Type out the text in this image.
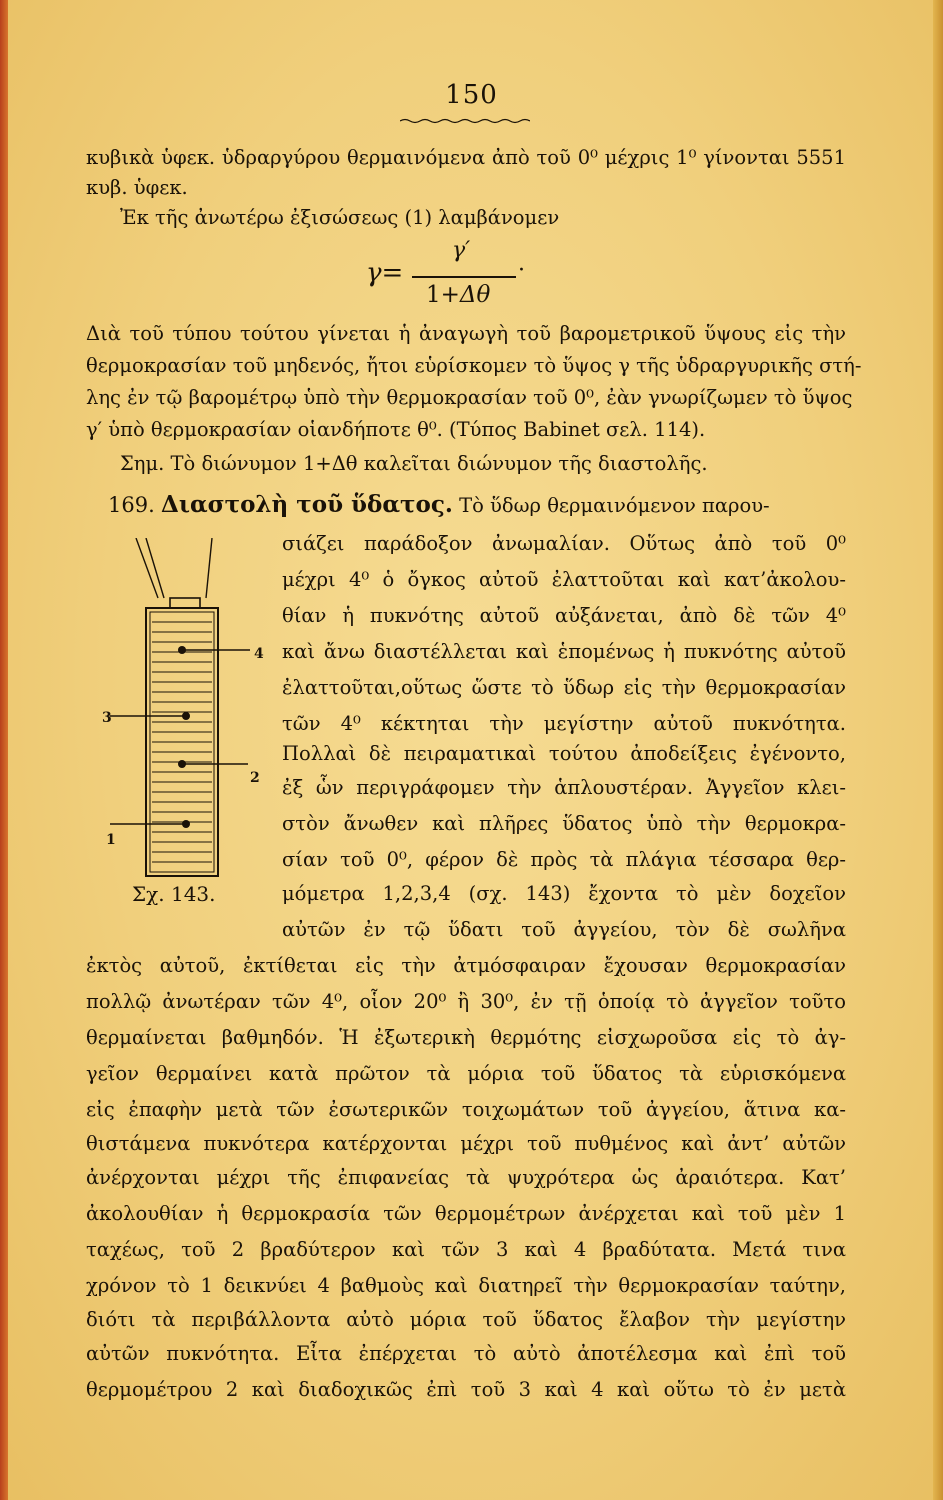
150
κυβικὰ ὑφεκ. ὑδραργύρου θερμαινόμενα ἀπὸ τοῦ 0⁰ μέχρις 1⁰ γίνονται 5551
κυβ. ὑφεκ.
Ἐκ τῆς ἀνωτέρω ἐξισώσεως (1) λαμβάνομεν
γ′
γ=
1+Δθ
·
Διὰ τοῦ τύπου τούτου γίνεται ἡ ἀναγωγὴ τοῦ βαρομετρικοῦ ὕψους εἰς τὴν
θερμοκρασίαν τοῦ μηδενός, ἤτοι εὑρίσκομεν τὸ ὕψος γ τῆς ὑδραργυρικῆς στή-
λης ἐν τῷ βαρομέτρῳ ὑπὸ τὴν θερμοκρασίαν τοῦ 0⁰, ἐὰν γνωρίζωμεν τὸ ὕψος
γ′ ὑπὸ θερμοκρασίαν οἱανδήποτε θ⁰. (Τύπος Babinet σελ. 114).
Σημ. Τὸ διώνυμον 1+Δθ καλεῖται διώνυμον τῆς διαστολῆς.
169. Διαστολὴ τοῦ ὕδατος. Τὸ ὕδωρ θερμαινόμενον παρου-
σιάζει παράδοξον ἀνωμαλίαν. Οὕτως ἀπὸ τοῦ 0⁰
μέχρι 4⁰ ὁ ὄγκος αὐτοῦ ἐλαττοῦται καὶ κατ’ἀκολου-
θίαν ἡ πυκνότης αὐτοῦ αὐξάνεται, ἀπὸ δὲ τῶν 4⁰
καὶ ἄνω διαστέλλεται καὶ ἑπομένως ἡ πυκνότης αὐτοῦ
ἐλαττοῦται,οὕτως ὥστε τὸ ὕδωρ εἰς τὴν θερμοκρασίαν
τῶν 4⁰ κέκτηται τὴν μεγίστην αὐτοῦ πυκνότητα.
Πολλαὶ δὲ πειραματικαὶ τούτου ἀποδείξεις ἐγένοντο,
ἐξ ὧν περιγράφομεν τὴν ἁπλουστέραν. Ἀγγεῖον κλει-
στὸν ἄνωθεν καὶ πλῆρες ὕδατος ὑπὸ τὴν θερμοκρα-
σίαν τοῦ 0⁰, φέρον δὲ πρὸς τὰ πλάγια τέσσαρα θερ-
μόμετρα 1,2,3,4 (σχ. 143) ἔχοντα τὸ μὲν δοχεῖον
αὐτῶν ἐν τῷ ὕδατι τοῦ ἀγγείου, τὸν δὲ σωλῆνα
4
3
2
1
Σχ. 143.
ἐκτὸς αὐτοῦ, ἐκτίθεται εἰς τὴν ἀτμόσφαιραν ἔχουσαν θερμοκρασίαν
πολλῷ ἀνωτέραν τῶν 4⁰, οἷον 20⁰ ἢ 30⁰, ἐν τῇ ὁποίᾳ τὸ ἀγγεῖον τοῦτο
θερμαίνεται βαθμηδόν. Ἡ ἐξωτερικὴ θερμότης εἰσχωροῦσα εἰς τὸ ἀγ-
γεῖον θερμαίνει κατὰ πρῶτον τὰ μόρια τοῦ ὕδατος τὰ εὑρισκόμενα
εἰς ἐπαφὴν μετὰ τῶν ἐσωτερικῶν τοιχωμάτων τοῦ ἀγγείου, ἅτινα κα-
θιστάμενα πυκνότερα κατέρχονται μέχρι τοῦ πυθμένος καὶ ἀντ’ αὐτῶν
ἀνέρχονται μέχρι τῆς ἐπιφανείας τὰ ψυχρότερα ὡς ἀραιότερα. Κατ’
ἀκολουθίαν ἡ θερμοκρασία τῶν θερμομέτρων ἀνέρχεται καὶ τοῦ μὲν 1
ταχέως, τοῦ 2 βραδύτερον καὶ τῶν 3 καὶ 4 βραδύτατα. Μετά τινα
χρόνον τὸ 1 δεικνύει 4 βαθμοὺς καὶ διατηρεῖ τὴν θερμοκρασίαν ταύτην,
διότι τὰ περιβάλλοντα αὐτὸ μόρια τοῦ ὕδατος ἔλαβον τὴν μεγίστην
αὐτῶν πυκνότητα. Εἶτα ἐπέρχεται τὸ αὐτὸ ἀποτέλεσμα καὶ ἐπὶ τοῦ
θερμομέτρου 2 καὶ διαδοχικῶς ἐπὶ τοῦ 3 καὶ 4 καὶ οὕτω τὸ ἐν μετὰ
